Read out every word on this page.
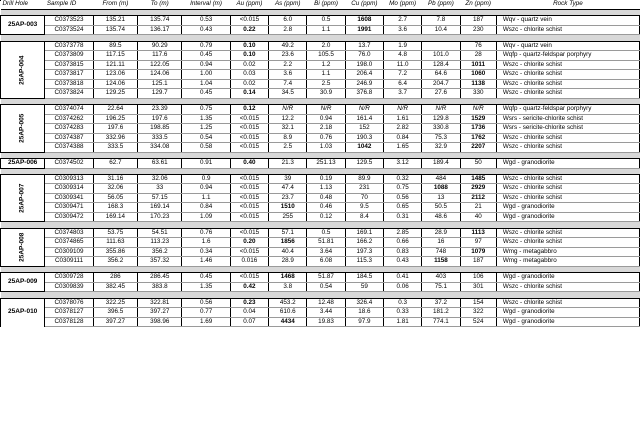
Drill Hole	Sample ID	From (m)	To (m)	Interval (m)	Au (ppm)	As (ppm)	Bi (ppm)	Cu (ppm)	Mo (ppm)	Pb (ppm)	Zn (ppm)	Rock Type

25AP-003	C0373523	135.21	135.74	0.53	<0.015	6.0	0.5	1608	2.7	7.8	187	Wqv - quartz vein
	C0373524	135.74	136.17	0.43	0.22	2.8	1.1	1991	3.6	10.4	230	Wszc - chlorite schist

25AP-004	C0373778	89.5	90.29	0.79	0.10	49.2	2.0	13.7	1.9		76	Wqv - quartz vein
	C0373809	117.15	117.6	0.45	0.10	23.6	105.5	76.0	4.8	101.0	28	Wqfp - quartz-feldspar porphyry
	C0373815	121.11	122.05	0.94	0.02	2.2	1.2	198.0	11.0	128.4	1011	Wszc - chlorite schist
	C0373817	123.06	124.06	1.00	0.03	3.6	1.1	206.4	7.2	64.6	1060	Wszc - chlorite schist
	C0373818	124.06	125.1	1.04	0.02	7.4	2.5	246.9	6.4	204.7	1138	Wszc - chlorite schist
	C0373824	129.25	129.7	0.45	0.14	34.5	30.9	376.8	3.7	27.6	330	Wszc - chlorite schist

25AP-005	C0374074	22.64	23.39	0.75	0.12	N/R	N/R	N/R	N/R	N/R	N/R	Wqfp - quartz-feldspar porphyry
	C0374262	196.25	197.6	1.35	<0.015	12.2	0.94	161.4	1.61	129.8	1529	Wsrs - sericite-chlorite schist
	C0374283	197.6	198.85	1.25	<0.015	32.1	2.18	152	2.82	330.8	1736	Wsrs - sericite-chlorite schist
	C0374387	332.96	333.5	0.54	<0.015	8.9	0.76	190.3	0.84	75.3	1762	Wszc - chlorite schist
	C0374388	333.5	334.08	0.58	<0.015	2.5	1.03	1042	1.65	32.9	2207	Wszc - chlorite schist

25AP-006	C0374502	62.7	63.61	0.91	0.40	21.3	251.13	129.5	3.12	189.4	50	Wgd - granodiorite

25AP-007	C0309313	31.16	32.06	0.9	<0.015	39	0.19	89.9	0.32	484	1485	Wszc - chlorite schist
	C0309314	32.06	33	0.94	<0.015	47.4	1.13	231	0.75	1088	2929	Wszc - chlorite schist
	C0309341	56.05	57.15	1.1	<0.015	23.7	0.48	70	0.56	13	2112	Wszc - chlorite schist
	C0309471	168.3	169.14	0.84	<0.015	1510	0.46	9.5	0.65	50.5	21	Wgd - granodiorite
	C0309472	169.14	170.23	1.09	<0.015	255	0.12	8.4	0.31	48.6	40	Wgd - granodiorite

25AP-008	C0374803	53.75	54.51	0.76	<0.015	57.1	0.5	169.1	2.85	28.9	1113	Wszc - chlorite schist
	C0374865	111.63	113.23	1.6	0.20	1856	51.81	166.2	0.66	16	97	Wszc - chlorite schist
	C0309109	355.86	356.2	0.34	<0.015	40.4	3.64	197.3	0.83	748	1079	Wmg - metagabbro
	C0309111	356.2	357.32	1.46	0.016	28.9	6.08	115.3	0.43	1158	187	Wmg - metagabbro

25AP-009	C0309728	286	286.45	0.45	<0.015	1468	51.87	184.5	0.41	403	106	Wgd - granodiorite
	C0309839	382.45	383.8	1.35	0.42	3.8	0.54	59	0.06	75.1	301	Wszc - chlorite schist

25AP-010	C0378076	322.25	322.81	0.56	0.23	453.2	12.48	326.4	0.3	37.2	154	Wszc - chlorite schist
	C0378127	396.5	397.27	0.77	0.04	610.6	3.44	18.6	0.33	181.2	322	Wgd - granodiorite
	C0378128	397.27	398.96	1.69	0.07	4434	19.83	97.9	1.81	774.1	524	Wgd - granodiorite
